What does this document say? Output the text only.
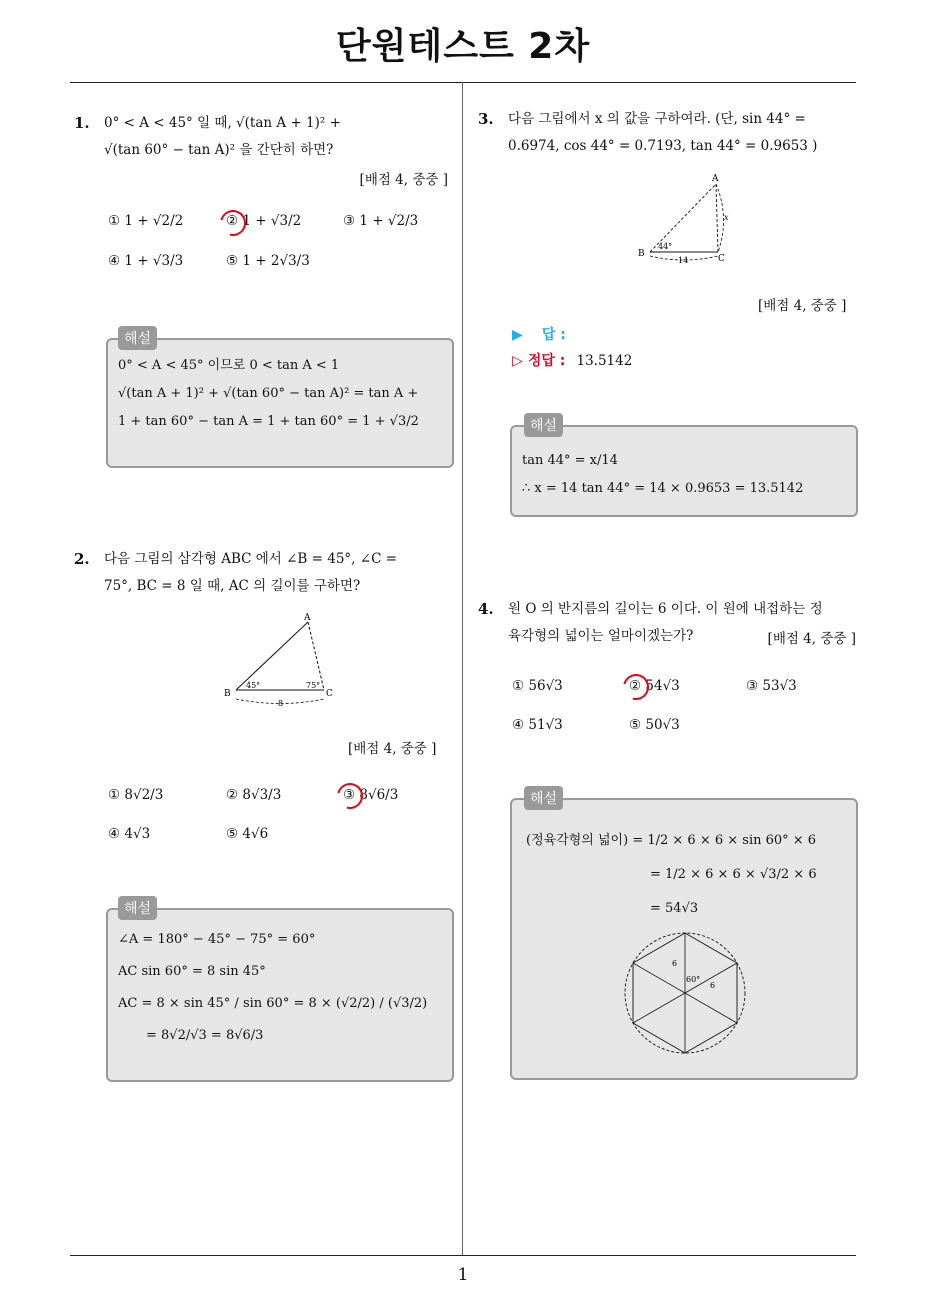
단원테스트 2차
1
1. 0° < A < 45° 일 때, √(tan A + 1)² +
√(tan 60° − tan A)² 을 간단히 하면?
[배점 4, 중중 ]
① 1 + √2/2	② 1 + √3/2	③ 1 + √2/3
④ 1 + √3/3	⑤ 1 + 2√3/3
0° < A < 45° 이므로 0 < tan A < 1
√(tan A + 1)² + √(tan 60° − tan A)² = tan A +
1 + tan 60° − tan A = 1 + tan 60° = 1 + √3/2
해설
2. 다음 그림의 삼각형 ABC 에서 ∠B = 45°, ∠C =
75°, BC = 8 일 때, AC 의 길이를 구하면?
A
B	C
45°	75°
8
[배점 4, 중중 ]
① 8√2/3	② 8√3/3	③ 8√6/3
④ 4√3	⑤ 4√6
∠A = 180° − 45° − 75° = 60°
AC sin 60° = 8 sin 45°
AC = 8 × sin 45° / sin 60° = 8 × (√2/2) / (√3/2)
= 8√2/√3 = 8√6/3
해설
3. 다음 그림에서 x 의 값을 구하여라. (단, sin 44° =
0.6974, cos 44° = 0.7193, tan 44° = 0.9653 )
A
B	C
44°
14
x
[배점 4, 중중 ]
▶ 답 :
▷ 정답 : 13.5142
tan 44° = x/14
∴ x = 14 tan 44° = 14 × 0.9653 = 13.5142
해설
4. 원 O 의 반지름의 길이는 6 이다. 이 원에 내접하는 정
육각형의 넓이는 얼마이겠는가?	[배점 4, 중중 ]
① 56√3	② 54√3	③ 53√3
④ 51√3	⑤ 50√3
(정육각형의 넓이) = 1/2 × 6 × 6 × sin 60° × 6
= 1/2 × 6 × 6 × √3/2 × 6
= 54√3
6
6
60°
해설
